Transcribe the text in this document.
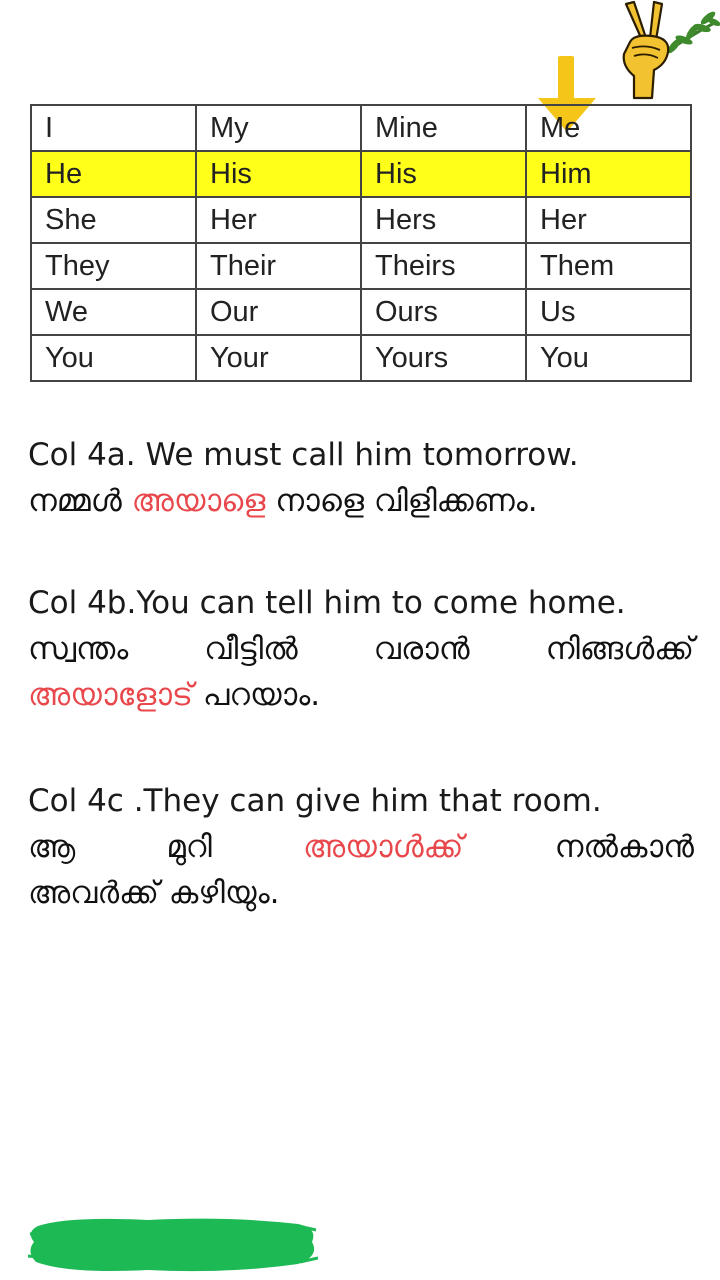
I	My	Mine	Me
He	His	His	Him
She	Her	Hers	Her
They	Their	Theirs	Them
We	Our	Ours	Us
You	Your	Yours	You
Col 4a. We must call him tomorrow.
നമ്മൾ അയാളെ നാളെ വിളിക്കണം.
Col 4b.You can tell him to come home.
സ്വന്തം വീട്ടിൽ വരാൻ നിങ്ങൾക്ക്
അയാളോട് പറയാം.
Col 4c .They can give him that room.
ആ മുറി അയാൾക്ക് നൽകാൻ
അവർക്ക് കഴിയും.
